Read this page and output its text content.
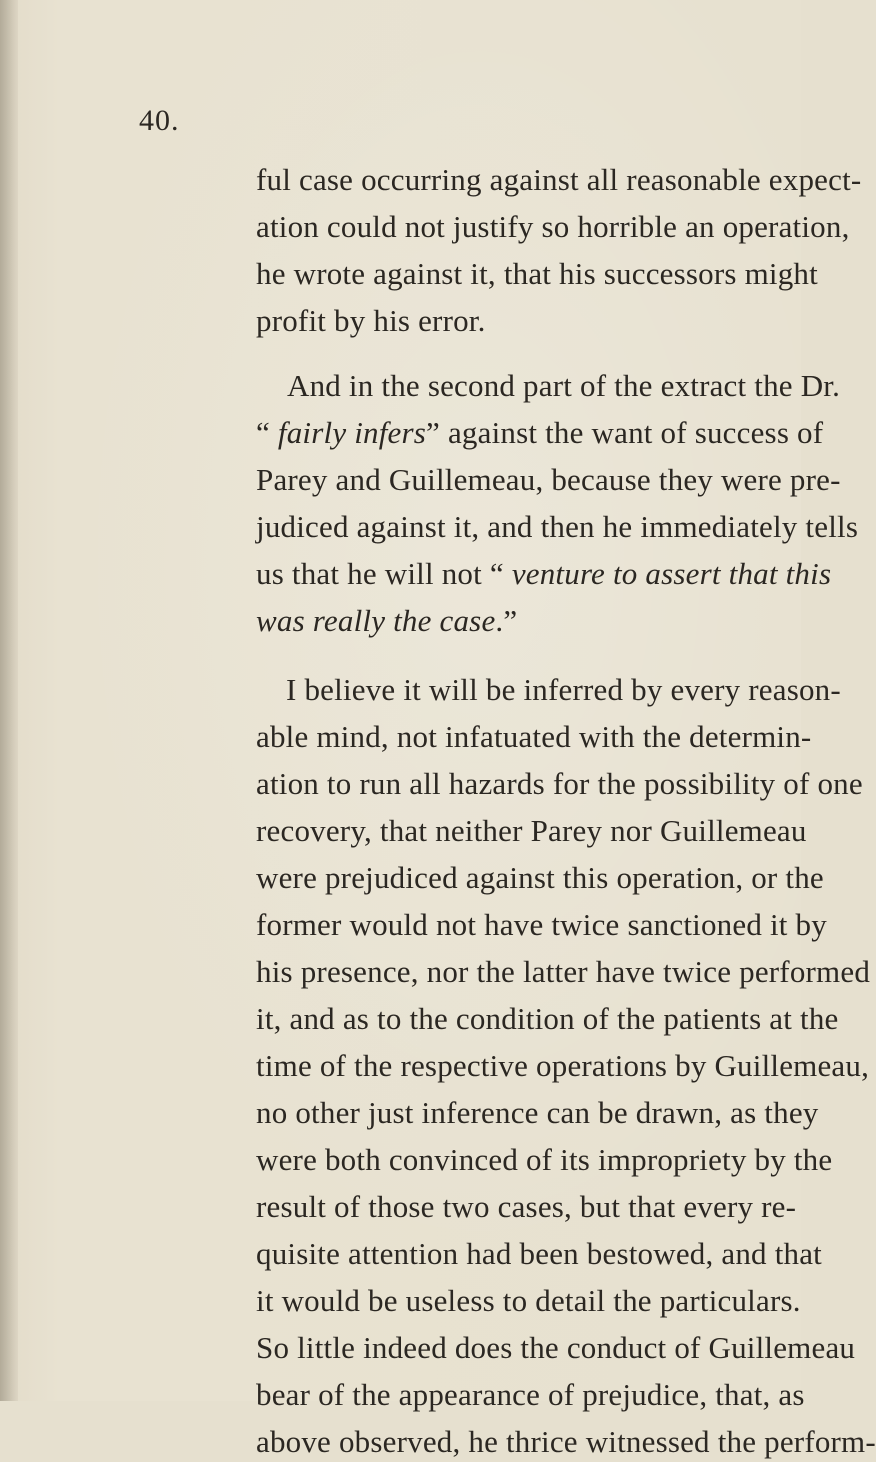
40.
ful case occurring against all reasonable expect-
ation could not justify so horrible an operation,
he wrote against it, that his successors might
profit by his error.
And in the second part of the extract the Dr.
“ fairly infers” against the want of success of
Parey and Guillemeau, because they were pre-
judiced against it, and then he immediately tells
us that he will not “ venture to assert that this
was really the case.”
I believe it will be inferred by every reason-
able mind, not infatuated with the determin-
ation to run all hazards for the possibility of one
recovery, that neither Parey nor Guillemeau
were prejudiced against this operation, or the
former would not have twice sanctioned it by
his presence, nor the latter have twice performed
it, and as to the condition of the patients at the
time of the respective operations by Guillemeau,
no other just inference can be drawn, as they
were both convinced of its impropriety by the
result of those two cases, but that every re-
quisite attention had been bestowed, and that
it would be useless to detail the particulars.
So little indeed does the conduct of Guillemeau
bear of the appearance of prejudice, that, as
above observed, he thrice witnessed the perform-
